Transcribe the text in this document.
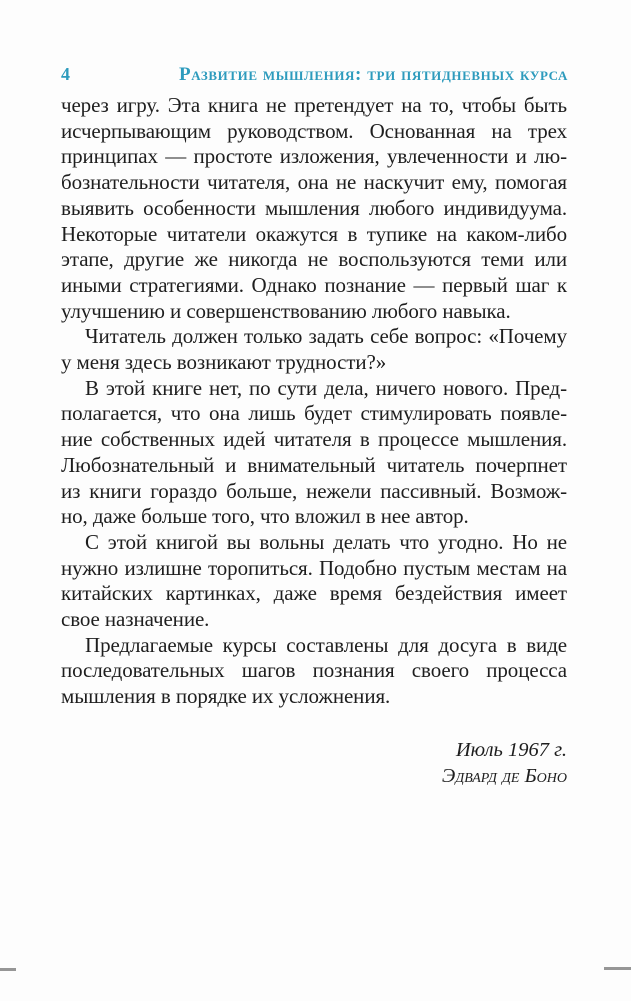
4	Развитие мышления: три пятидневных курса

через игру. Эта книга не претендует на то, чтобы быть
исчерпывающим руководством. Основанная на трех
принципах — простоте изложения, увлеченности и лю-
бознательности читателя, она не наскучит ему, помогая
выявить особенности мышления любого индивидуума.
Некоторые читатели окажутся в тупике на каком-либо
этапе, другие же никогда не воспользуются теми или
иными стратегиями. Однако познание — первый шаг к
улучшению и совершенствованию любого навыка.

Читатель должен только задать себе вопрос: «Почему
у меня здесь возникают трудности?»

В этой книге нет, по сути дела, ничего нового. Пред-
полагается, что она лишь будет стимулировать появле-
ние собственных идей читателя в процессе мышления.
Любознательный и внимательный читатель почерпнет
из книги гораздо больше, нежели пассивный. Возмож-
но, даже больше того, что вложил в нее автор.

С этой книгой вы вольны делать что угодно. Но не
нужно излишне торопиться. Подобно пустым местам на
китайских картинках, даже время бездействия имеет
свое назначение.

Предлагаемые курсы составлены для досуга в виде
последовательных шагов познания своего процесса
мышления в порядке их усложнения.

Июль 1967 г.
Эдвард де Боно
